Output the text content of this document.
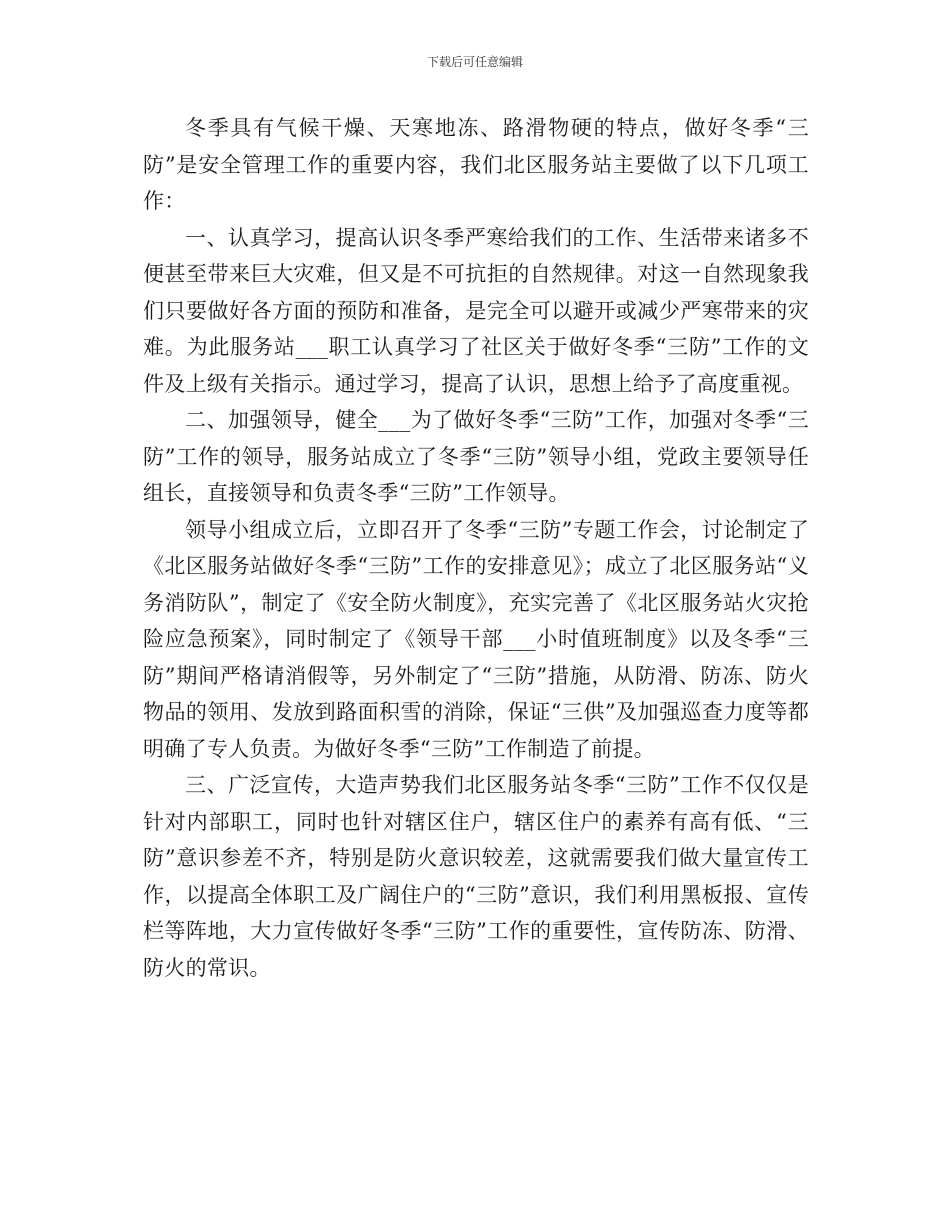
下载后可任意编辑

冬季具有气候干燥、天寒地冻、路滑物硬的特点，做好冬季“三防”是安全管理工作的重要内容，我们北区服务站主要做了以下几项工作：

一、认真学习，提高认识冬季严寒给我们的工作、生活带来诸多不便甚至带来巨大灾难，但又是不可抗拒的自然规律。对这一自然现象我们只要做好各方面的预防和准备，是完全可以避开或减少严寒带来的灾难。为此服务站___职工认真学习了社区关于做好冬季“三防”工作的文件及上级有关指示。通过学习，提高了认识，思想上给予了高度重视。

二、加强领导，健全___为了做好冬季“三防”工作，加强对冬季“三防”工作的领导，服务站成立了冬季“三防”领导小组，党政主要领导任组长，直接领导和负责冬季“三防”工作领导。

领导小组成立后，立即召开了冬季“三防”专题工作会，讨论制定了《北区服务站做好冬季“三防”工作的安排意见》；成立了北区服务站“义务消防队”，制定了《安全防火制度》，充实完善了《北区服务站火灾抢险应急预案》，同时制定了《领导干部___小时值班制度》以及冬季“三防”期间严格请消假等，另外制定了“三防”措施，从防滑、防冻、防火物品的领用、发放到路面积雪的消除，保证“三供”及加强巡查力度等都明确了专人负责。为做好冬季“三防”工作制造了前提。

三、广泛宣传，大造声势我们北区服务站冬季“三防”工作不仅仅是针对内部职工，同时也针对辖区住户，辖区住户的素养有高有低、“三防”意识参差不齐，特别是防火意识较差，这就需要我们做大量宣传工作，以提高全体职工及广阔住户的“三防”意识，我们利用黑板报、宣传栏等阵地，大力宣传做好冬季“三防”工作的重要性，宣传防冻、防滑、防火的常识。
